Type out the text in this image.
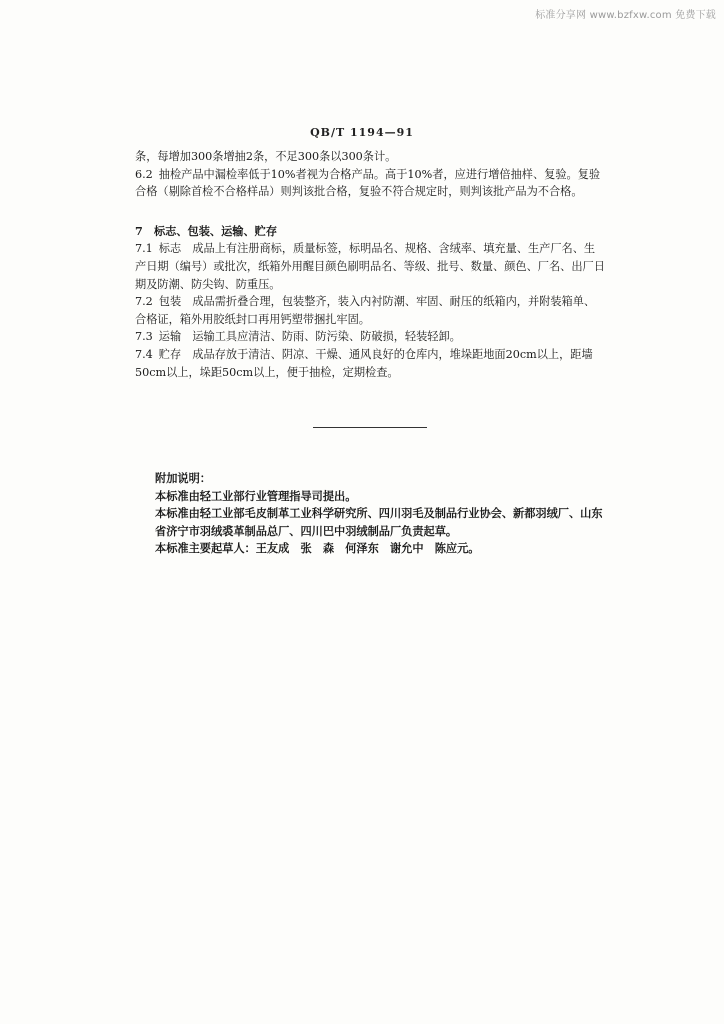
标准分享网 www.bzfxw.com 免费下载
QB/T 1194—91

条，每增加300条增抽2条，不足300条以300条计。

6.2 抽检产品中漏检率低于10%者视为合格产品。高于10%者，应进行增倍抽样、复验。复验合格（剔除首检不合格样品）则判该批合格，复验不符合规定时，则判该批产品为不合格。

7　标志、包装、运输、贮存

7.1 标志　成品上有注册商标，质量标签，标明品名、规格、含绒率、填充量、生产厂名、生产日期（编号）或批次，纸箱外用醒目颜色刷明品名、等级、批号、数量、颜色、厂名、出厂日期及防潮、防尖钩、防重压。

7.2 包装　成品需折叠合理，包装整齐，装入内衬防潮、牢固、耐压的纸箱内，并附装箱单、合格证，箱外用胶纸封口再用钙塑带捆扎牢固。

7.3 运输　运输工具应清洁、防雨、防污染、防破损，轻装轻卸。

7.4 贮存　成品存放于清洁、阴凉、干燥、通风良好的仓库内，堆垛距地面20cm以上，距墙50cm以上，垛距50cm以上，便于抽检，定期检查。

附加说明：

本标准由轻工业部行业管理指导司提出。

本标准由轻工业部毛皮制革工业科学研究所、四川羽毛及制品行业协会、新都羽绒厂、山东省济宁市羽绒裘革制品总厂、四川巴中羽绒制品厂负责起草。

本标准主要起草人：王友成　张　森　何泽东　谢允中　陈应元。
